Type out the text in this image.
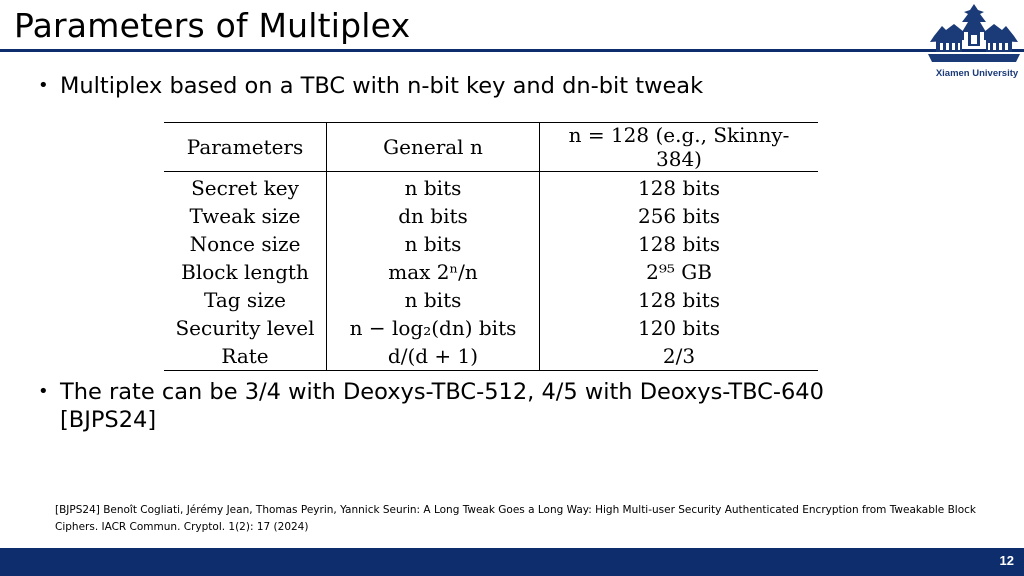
Parameters of Multiplex
Xiamen University
• Multiplex based on a TBC with n-bit key and dn-bit tweak
Parameters	General n	n = 128 (e.g., Skinny-384)
Secret key	n bits	128 bits
Tweak size	dn bits	256 bits
Nonce size	n bits	128 bits
Block length	max 2ⁿ/n	2⁹⁵ GB
Tag size	n bits	128 bits
Security level	n − log₂(dn) bits	120 bits
Rate	d/(d + 1)	2/3
• The rate can be 3/4 with Deoxys-TBC-512, 4/5 with Deoxys-TBC-640
[BJPS24]
[BJPS24] Benoît Cogliati, Jérémy Jean, Thomas Peyrin, Yannick Seurin: A Long Tweak Goes a Long Way: High Multi-user Security Authenticated Encryption from Tweakable Block
Ciphers. IACR Commun. Cryptol. 1(2): 17 (2024)
12
